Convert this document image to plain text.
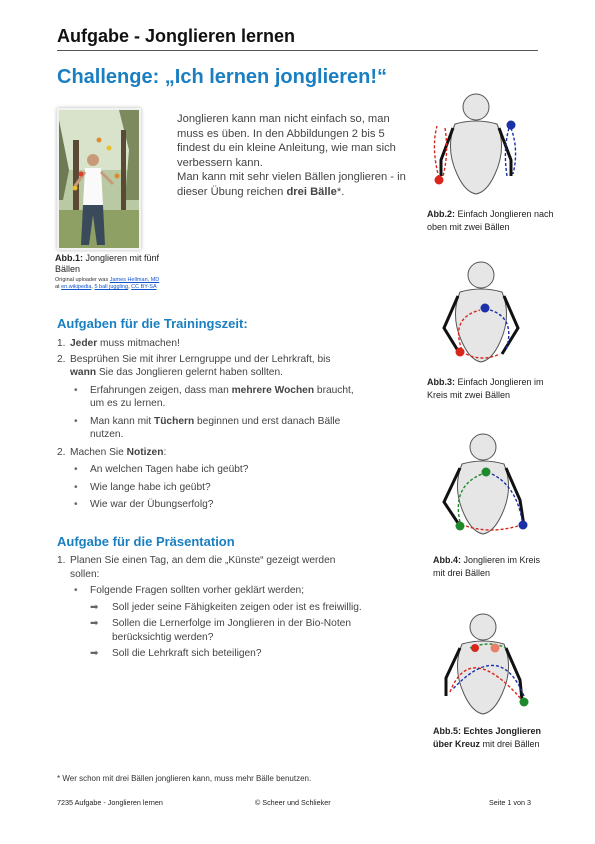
Aufgabe - Jonglieren lernen
Challenge: „Ich lernen jonglieren!“

Jonglieren kann man nicht einfach so, man muss es üben. In den Abbildungen 2 bis 5 findest du ein kleine Anleitung, wie man sich verbessern kann.

Man kann mit sehr vielen Bällen jonglieren - in dieser Übung reichen drei Bälle*.

Abb.1: Jonglieren mit fünf Bällen
Original uploader was James Hellman, MD
at en.wikipedia, 5 ball juggling, CC BY-SA
Aufgaben für die Trainingszeit:
1. Jeder muss mitmachen!
2. Besprühen Sie mit ihrer Lerngruppe und der Lehrkraft, bis wann Sie das Jonglieren gelernt haben sollten.
•	Erfahrungen zeigen, dass man mehrere Wochen braucht, um es zu lernen.
•	Man kann mit Tüchern beginnen und erst danach Bälle nutzen.
2. Machen Sie Notizen:
•	An welchen Tagen habe ich geübt?
•	Wie lange habe ich geübt?
•	Wie war der Übungserfolg?
Aufgabe für die Präsentation
1. Planen Sie einen Tag, an dem die „Künste“ gezeigt werden sollen:
•	Folgende Fragen sollten vorher geklärt werden;
➡	Soll jeder seine Fähigkeiten zeigen oder ist es freiwillig.
➡	Sollen die Lernerfolge im Jonglieren in der Bio-Noten berücksichtig werden?
➡	Soll die Lehrkraft sich beteiligen?
Abb.2: Einfach Jonglieren nach oben mit zwei Bällen
Abb.3: Einfach Jonglieren im Kreis mit zwei Bällen
Abb.4: Jonglieren im Kreis mit drei Bällen
Abb.5: Echtes Jonglieren über Kreuz mit drei Bällen
* Wer schon mit drei Bällen jonglieren kann, muss mehr Bälle benutzen.
7235 Aufgabe - Jonglieren lernen	© Scheer und Schlieker	Seite 1 von 3
